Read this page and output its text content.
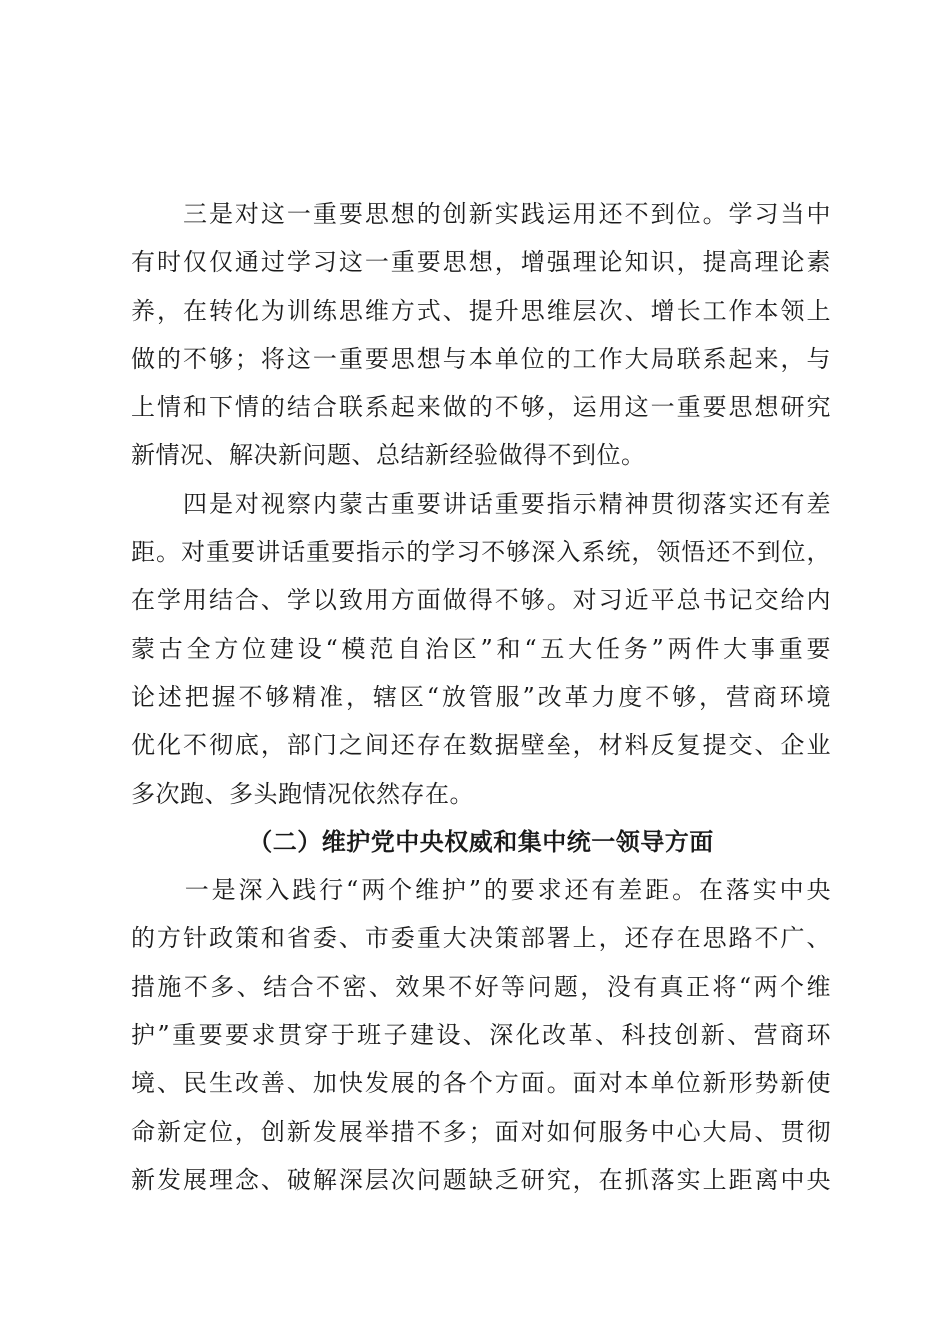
　　三是对这一重要思想的创新实践运用还不到位。学习当中
有时仅仅通过学习这一重要思想，增强理论知识，提高理论素
养，在转化为训练思维方式、提升思维层次、增长工作本领上
做的不够；将这一重要思想与本单位的工作大局联系起来，与
上情和下情的结合联系起来做的不够，运用这一重要思想研究
新情况、解决新问题、总结新经验做得不到位。
　　四是对视察内蒙古重要讲话重要指示精神贯彻落实还有差
距。对重要讲话重要指示的学习不够深入系统，领悟还不到位，
在学用结合、学以致用方面做得不够。对习近平总书记交给内
蒙古全方位建设“模范自治区”和“五大任务”两件大事重要
论述把握不够精准，辖区“放管服”改革力度不够，营商环境
优化不彻底，部门之间还存在数据壁垒，材料反复提交、企业
多次跑、多头跑情况依然存在。
（二）维护党中央权威和集中统一领导方面
　　一是深入践行“两个维护”的要求还有差距。在落实中央
的方针政策和省委、市委重大决策部署上，还存在思路不广、
措施不多、结合不密、效果不好等问题，没有真正将“两个维
护”重要要求贯穿于班子建设、深化改革、科技创新、营商环
境、民生改善、加快发展的各个方面。面对本单位新形势新使
命新定位，创新发展举措不多；面对如何服务中心大局、贯彻
新发展理念、破解深层次问题缺乏研究，在抓落实上距离中央
